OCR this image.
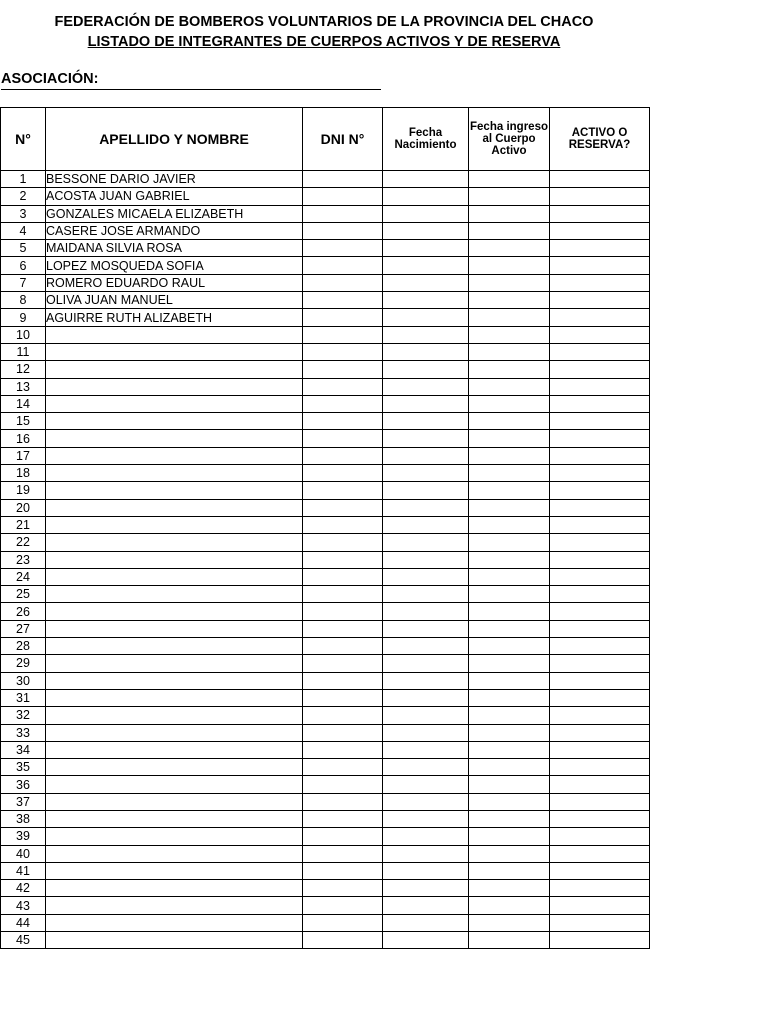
FEDERACIÓN DE BOMBEROS VOLUNTARIOS DE LA PROVINCIA DEL CHACO
LISTADO DE INTEGRANTES DE CUERPOS ACTIVOS Y DE RESERVA
ASOCIACIÓN:
N°	APELLIDO Y NOMBRE	DNI N°	Fecha Nacimiento	Fecha ingreso al Cuerpo Activo	ACTIVO O RESERVA?
1	BESSONE DARIO JAVIER				
2	ACOSTA JUAN GABRIEL				
3	GONZALES MICAELA ELIZABETH				
4	CASERE JOSE ARMANDO				
5	MAIDANA SILVIA ROSA				
6	LOPEZ MOSQUEDA SOFIA				
7	ROMERO EDUARDO RAUL				
8	OLIVA JUAN MANUEL				
9	AGUIRRE RUTH ALIZABETH				
10					
11					
12					
13					
14					
15					
16					
17					
18					
19					
20					
21					
22					
23					
24					
25					
26					
27					
28					
29					
30					
31					
32					
33					
34					
35					
36					
37					
38					
39					
40					
41					
42					
43					
44					
45					
